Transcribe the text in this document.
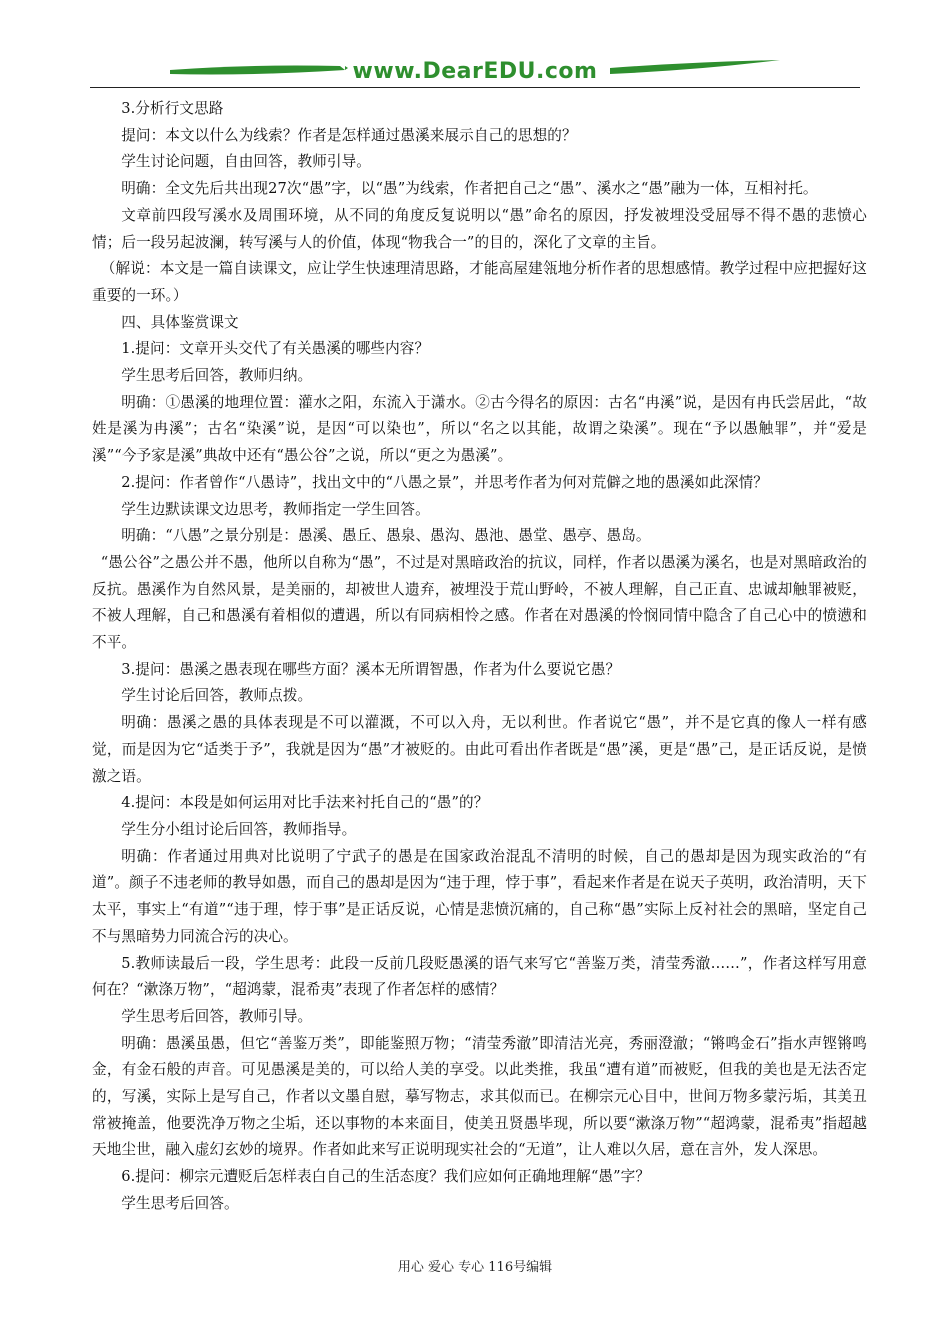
www.DearEDU.com

3.分析行文思路

提问：本文以什么为线索？作者是怎样通过愚溪来展示自己的思想的？

学生讨论问题，自由回答，教师引导。

明确：全文先后共出现27次“愚”字，以“愚”为线索，作者把自己之“愚”、溪水之“愚”融为一体，互相衬托。

文章前四段写溪水及周围环境，从不同的角度反复说明以“愚”命名的原因，抒发被埋没受屈辱不得不愚的悲愤心情；后一段另起波澜，转写溪与人的价值，体现“物我合一”的目的，深化了文章的主旨。

（解说：本文是一篇自读课文，应让学生快速理清思路，才能高屋建瓴地分析作者的思想感情。教学过程中应把握好这重要的一环。）

四、具体鉴赏课文

1.提问：文章开头交代了有关愚溪的哪些内容？

学生思考后回答，教师归纳。

明确：①愚溪的地理位置：灌水之阳，东流入于潇水。②古今得名的原因：古名“冉溪”说，是因有冉氏尝居此，“故姓是溪为冉溪”；古名“染溪”说，是因“可以染也”，所以“名之以其能，故谓之染溪”。现在“予以愚触罪”，并“爱是溪”“今予家是溪”典故中还有“愚公谷”之说，所以“更之为愚溪”。

2.提问：作者曾作“八愚诗”，找出文中的“八愚之景”，并思考作者为何对荒僻之地的愚溪如此深情？

学生边默读课文边思考，教师指定一学生回答。

明确：“八愚”之景分别是：愚溪、愚丘、愚泉、愚沟、愚池、愚堂、愚亭、愚岛。

“愚公谷”之愚公并不愚，他所以自称为“愚”，不过是对黑暗政治的抗议，同样，作者以愚溪为溪名，也是对黑暗政治的反抗。愚溪作为自然风景，是美丽的，却被世人遗弃，被埋没于荒山野岭，不被人理解，自己正直、忠诚却触罪被贬，不被人理解，自己和愚溪有着相似的遭遇，所以有同病相怜之感。作者在对愚溪的怜悯同情中隐含了自己心中的愤懑和不平。

3.提问：愚溪之愚表现在哪些方面？溪本无所谓智愚，作者为什么要说它愚？

学生讨论后回答，教师点拨。

明确：愚溪之愚的具体表现是不可以灌溉，不可以入舟，无以利世。作者说它“愚”，并不是它真的像人一样有感觉，而是因为它“适类于予”，我就是因为“愚”才被贬的。由此可看出作者既是“愚”溪，更是“愚”己，是正话反说，是愤激之语。

4.提问：本段是如何运用对比手法来衬托自己的“愚”的？

学生分小组讨论后回答，教师指导。

明确：作者通过用典对比说明了宁武子的愚是在国家政治混乱不清明的时候，自己的愚却是因为现实政治的“有道”。颜子不违老师的教导如愚，而自己的愚却是因为“违于理，悖于事”，看起来作者是在说天子英明，政治清明，天下太平，事实上“有道”“违于理，悖于事”是正话反说，心情是悲愤沉痛的，自己称“愚”实际上反衬社会的黑暗，坚定自己不与黑暗势力同流合污的决心。

5.教师读最后一段，学生思考：此段一反前几段贬愚溪的语气来写它“善鉴万类，清莹秀澈……”，作者这样写用意何在？“漱涤万物”，“超鸿蒙，混希夷”表现了作者怎样的感情？

学生思考后回答，教师引导。

明确：愚溪虽愚，但它“善鉴万类”，即能鉴照万物；“清莹秀澈”即清洁光亮，秀丽澄澈；“锵鸣金石”指水声铿锵鸣金，有金石般的声音。可见愚溪是美的，可以给人美的享受。以此类推，我虽“遭有道”而被贬，但我的美也是无法否定的，写溪，实际上是写自己，作者以文墨自慰，摹写物志，求其似而已。在柳宗元心目中，世间万物多蒙污垢，其美丑常被掩盖，他要洗净万物之尘垢，还以事物的本来面目，使美丑贤愚毕现，所以要“漱涤万物”“超鸿蒙，混希夷”指超越天地尘世，融入虚幻玄妙的境界。作者如此来写正说明现实社会的“无道”，让人难以久居，意在言外，发人深思。

6.提问：柳宗元遭贬后怎样表白自己的生活态度？我们应如何正确地理解“愚”字？

学生思考后回答。

用心 爱心 专心 116号编辑
